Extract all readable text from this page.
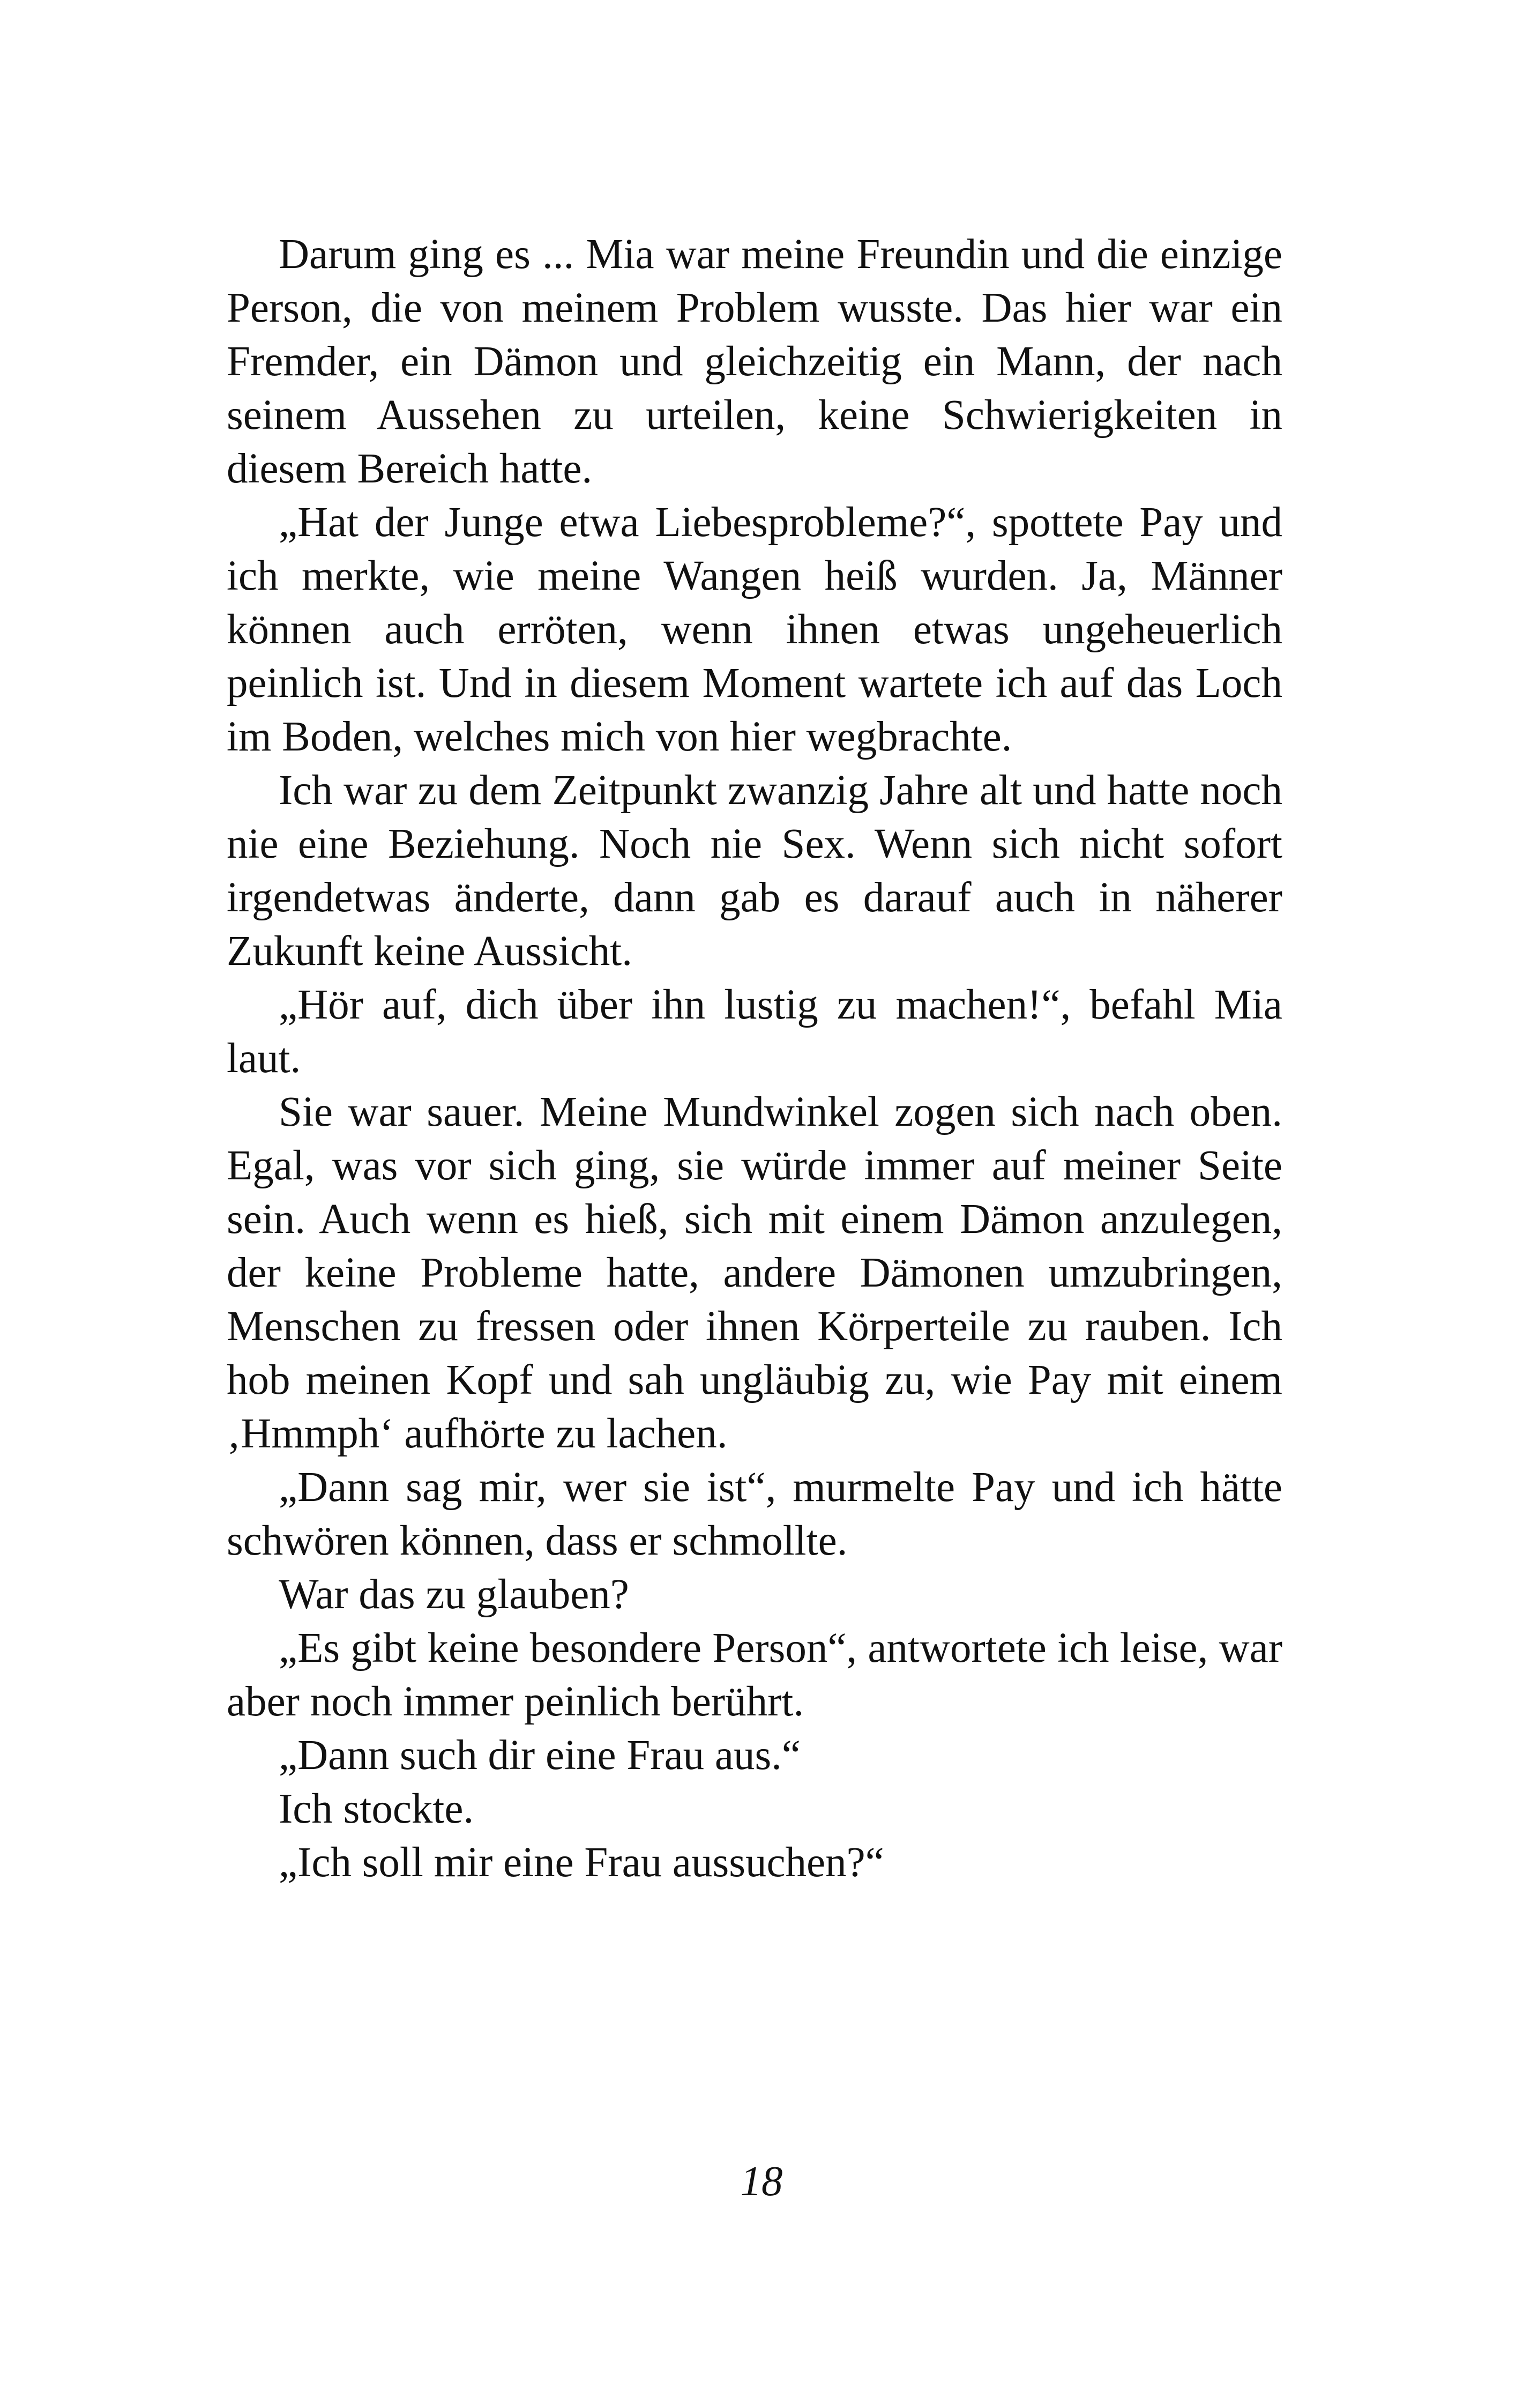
Darum ging es ... Mia war meine Freundin und die einzige Person, die von meinem Problem wusste. Das hier war ein Fremder, ein Dämon und gleichzeitig ein Mann, der nach seinem Aussehen zu urteilen, keine Schwierigkeiten in diesem Bereich hatte.

„Hat der Junge etwa Liebesprobleme?“, spottete Pay und ich merkte, wie meine Wangen heiß wurden. Ja, Männer können auch erröten, wenn ihnen etwas ungeheuerlich peinlich ist. Und in diesem Moment wartete ich auf das Loch im Boden, welches mich von hier wegbrachte.

Ich war zu dem Zeitpunkt zwanzig Jahre alt und hatte noch nie eine Beziehung. Noch nie Sex. Wenn sich nicht sofort irgendetwas änderte, dann gab es darauf auch in näherer Zukunft keine Aussicht.

„Hör auf, dich über ihn lustig zu machen!“, befahl Mia laut.

Sie war sauer. Meine Mundwinkel zogen sich nach oben. Egal, was vor sich ging, sie würde immer auf meiner Seite sein. Auch wenn es hieß, sich mit einem Dämon anzulegen, der keine Probleme hatte, andere Dämonen umzubringen, Menschen zu fressen oder ihnen Körperteile zu rauben. Ich hob meinen Kopf und sah ungläubig zu, wie Pay mit einem ‚Hmmph‘ aufhörte zu lachen.

„Dann sag mir, wer sie ist“, murmelte Pay und ich hätte schwören können, dass er schmollte.

War das zu glauben?

„Es gibt keine besondere Person“, antwortete ich leise, war aber noch immer peinlich berührt.

„Dann such dir eine Frau aus.“

Ich stockte.

„Ich soll mir eine Frau aussuchen?“

18
